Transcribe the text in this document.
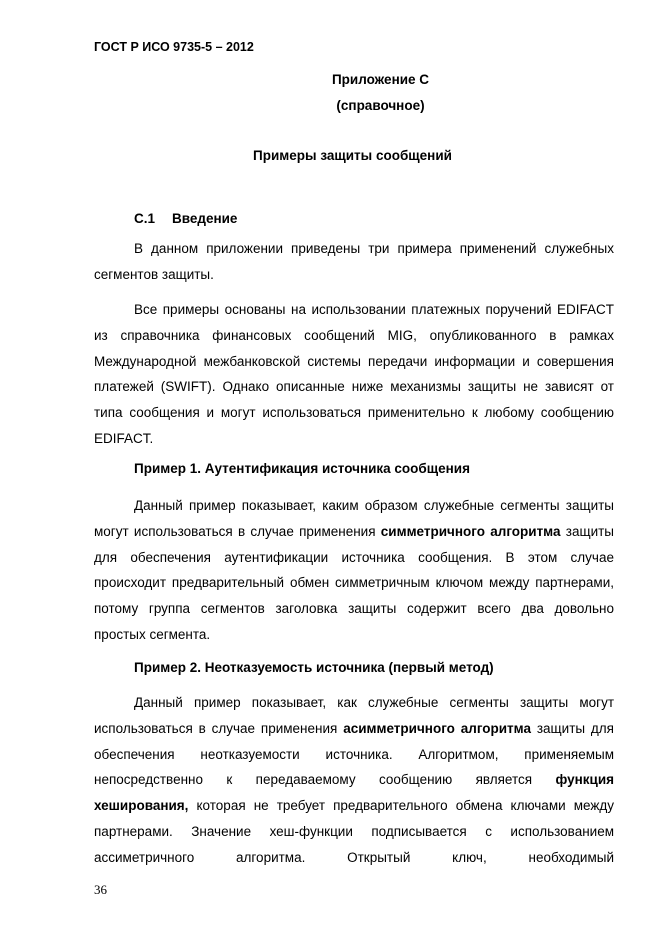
ГОСТ Р ИСО 9735-5 – 2012
Приложение С
(справочное)
Примеры защиты сообщений

С.1 Введение

В данном приложении приведены три примера применений служебных сегментов защиты.

Все примеры основаны на использовании платежных поручений EDIFACT из справочника финансовых сообщений MIG, опубликованного в рамках Международной межбанковской системы передачи информации и совершения платежей (SWIFT). Однако описанные ниже механизмы защиты не зависят от типа сообщения и могут использоваться применительно к любому сообщению EDIFACT.

Пример 1. Аутентификация источника сообщения

Данный пример показывает, каким образом служебные сегменты защиты могут использоваться в случае применения симметричного алгоритма защиты для обеспечения аутентификации источника сообщения. В этом случае происходит предварительный обмен симметричным ключом между партнерами, потому группа сегментов заголовка защиты содержит всего два довольно простых сегмента.

Пример 2. Неотказуемость источника (первый метод)

Данный пример показывает, как служебные сегменты защиты могут использоваться в случае применения асимметричного алгоритма защиты для обеспечения неотказуемости источника. Алгоритмом, применяемым непосредственно к передаваемому сообщению является функция хеширования, которая не требует предварительного обмена ключами между партнерами. Значение хеш-функции подписывается с использованием ассиметричного алгоритма. Открытый ключ, необходимый

36
